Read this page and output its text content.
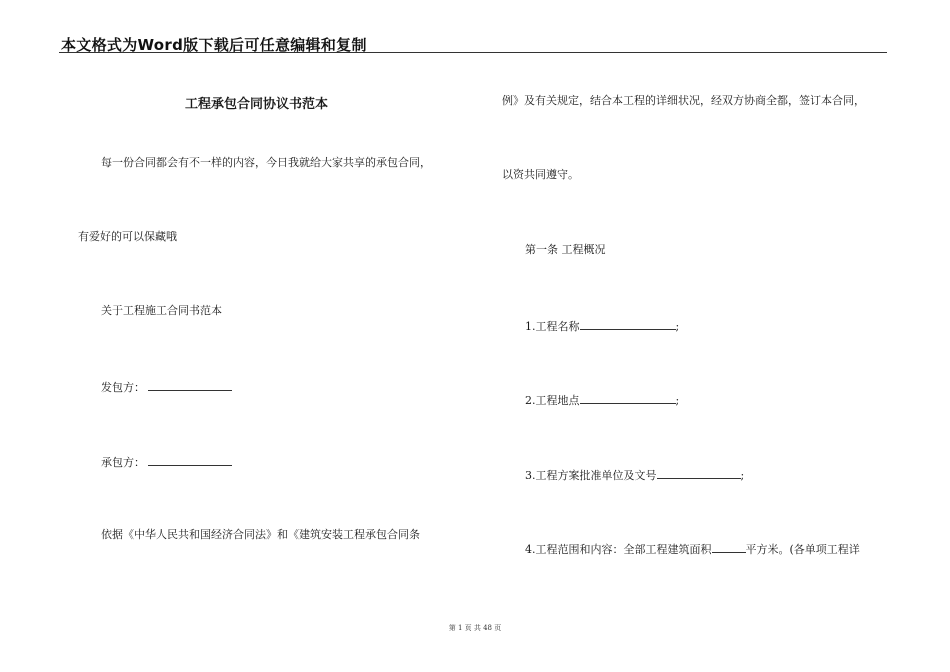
本文格式为Word版下载后可任意编辑和复制
工程承包合同协议书范本
每一份合同都会有不一样的内容，今日我就给大家共享的承包合同，
有爱好的可以保藏哦
关于工程施工合同书范本
发包方：
承包方：
依据《中华人民共和国经济合同法》和《建筑安装工程承包合同条
例》及有关规定，结合本工程的详细状况，经双方协商全都，签订本合同，
以资共同遵守。
第一条 工程概况
1.工程名称	;
2.工程地点	;
3.工程方案批准单位及文号	;
4.工程范围和内容：全部工程建筑面积	平方米。(各单项工程详
第 1 页 共 48 页
